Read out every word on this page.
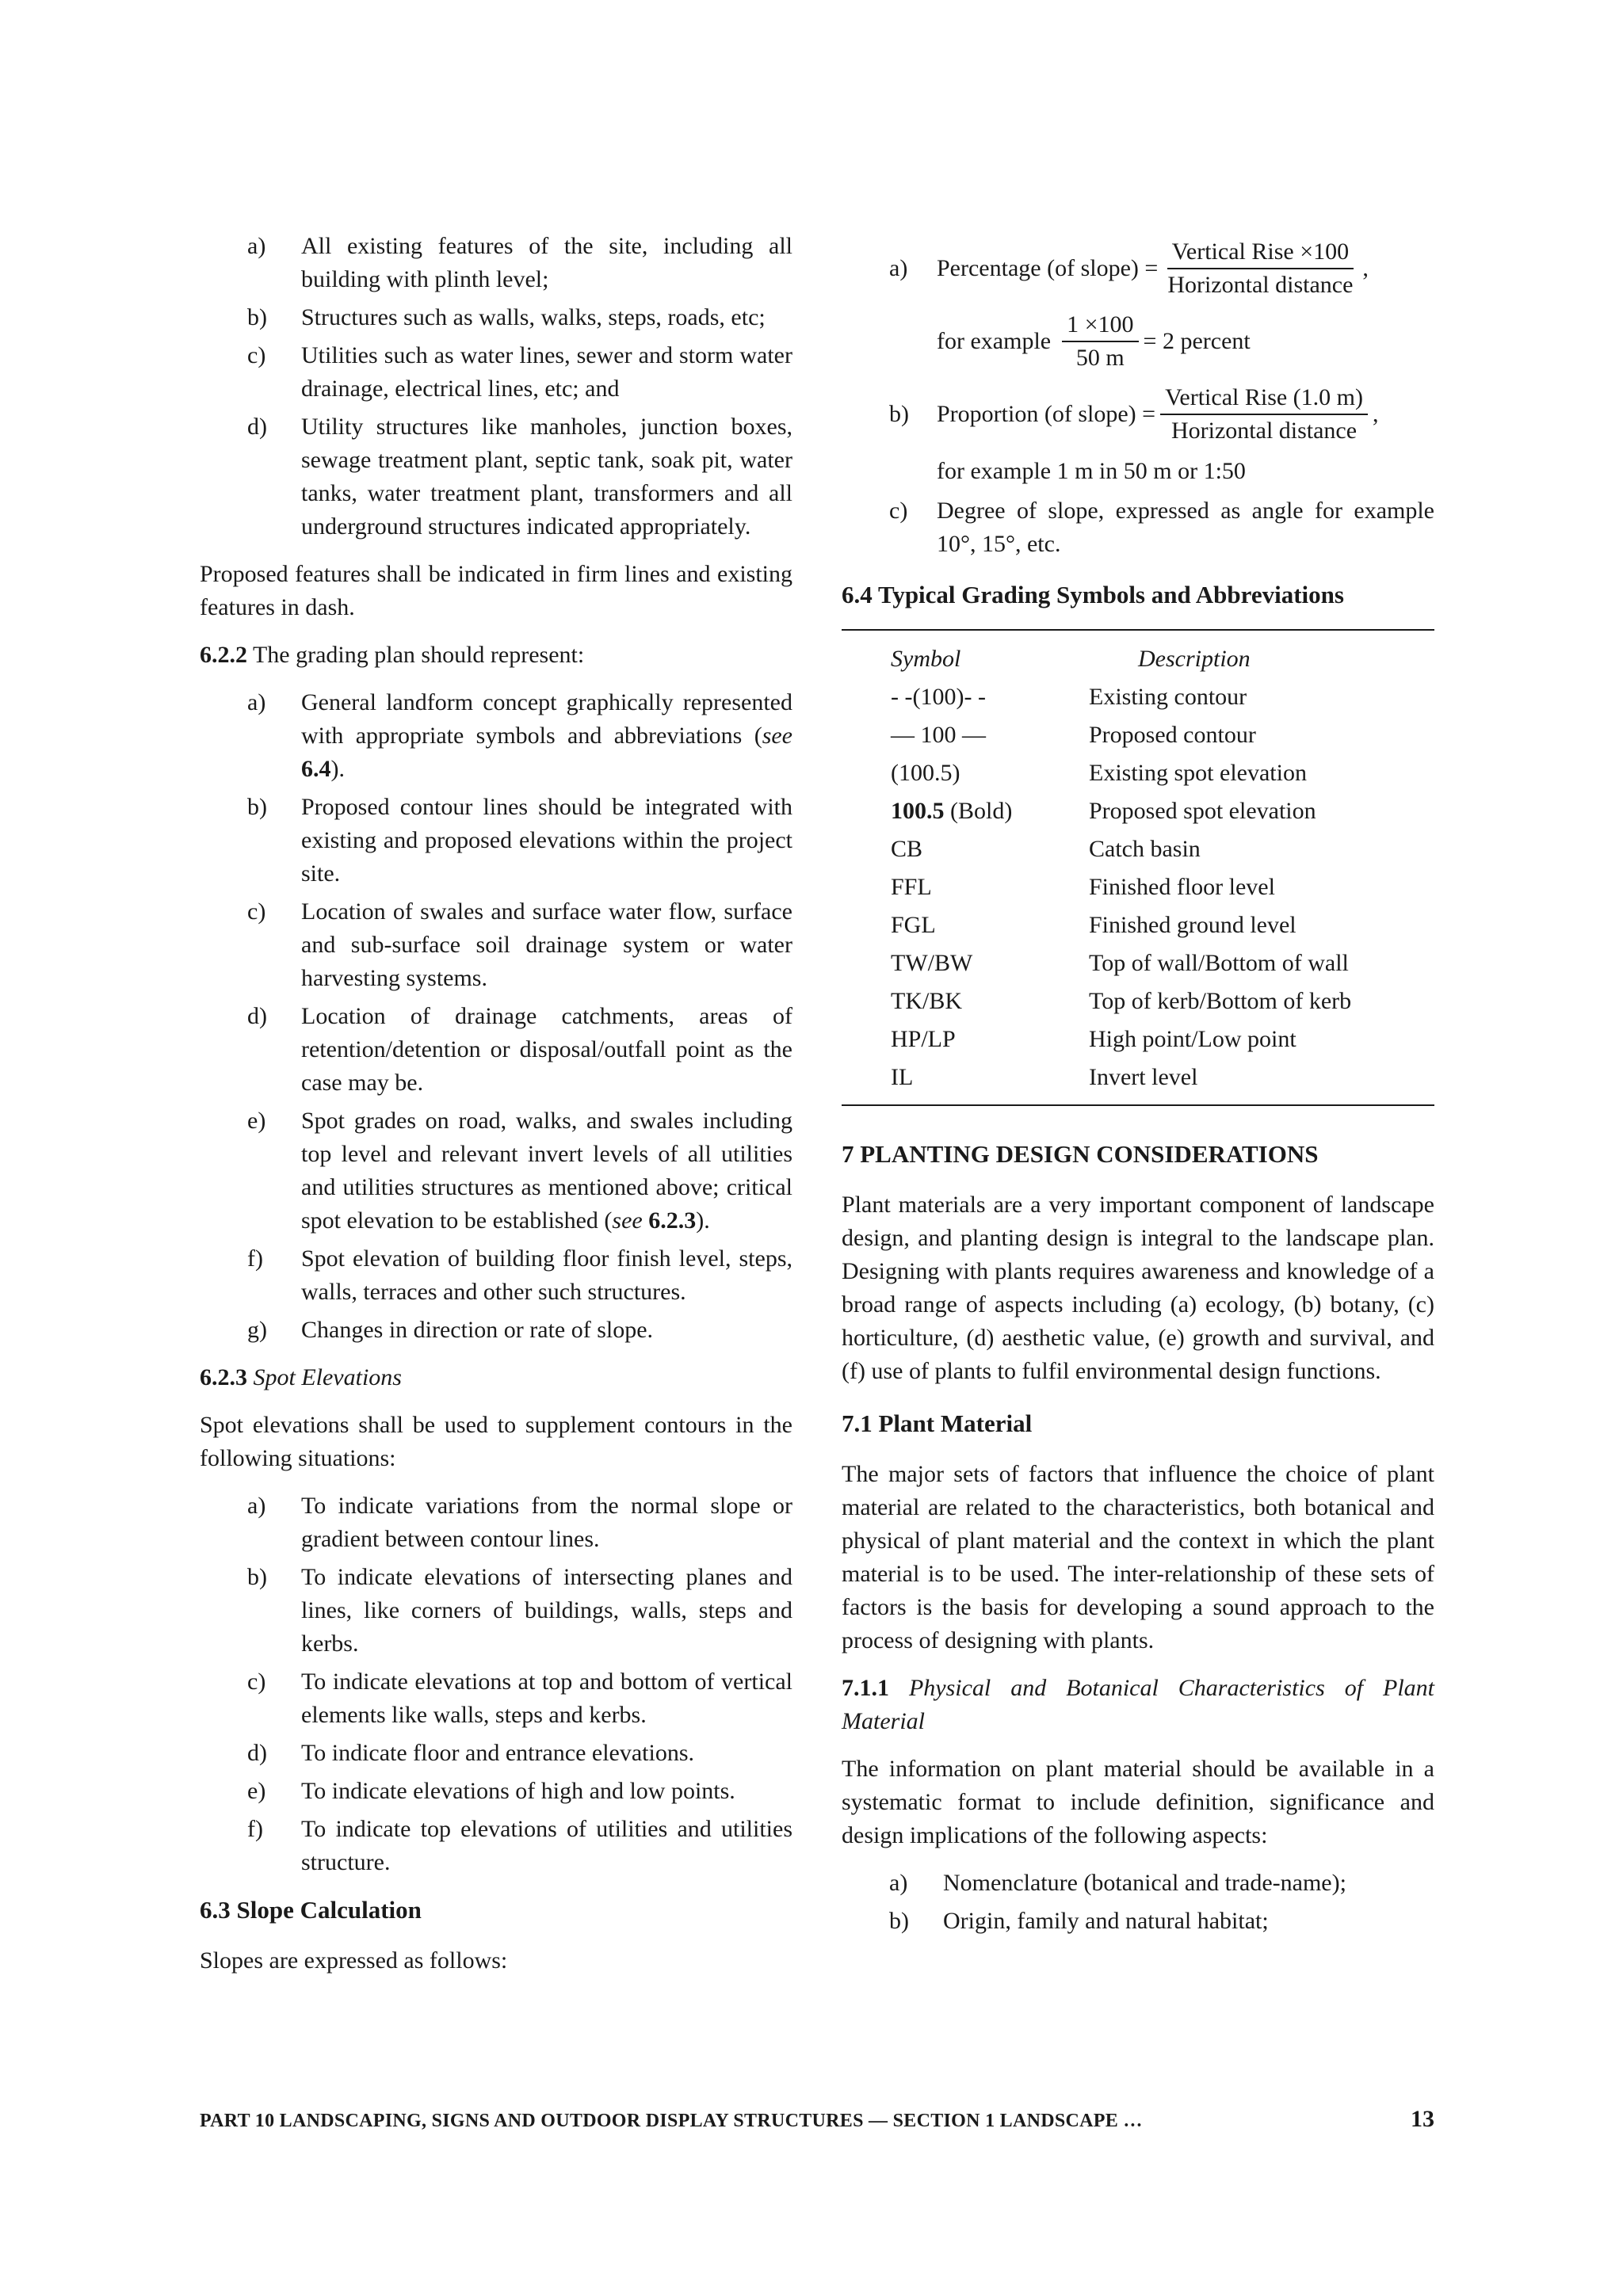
a)	All existing features of the site, including all building with plinth level;
b)	Structures such as walls, walks, steps, roads, etc;
c)	Utilities such as water lines, sewer and storm water drainage, electrical lines, etc; and
d)	Utility structures like manholes, junction boxes, sewage treatment plant, septic tank, soak pit, water tanks, water treatment plant, transformers and all underground structures indicated appropriately.

Proposed features shall be indicated in firm lines and existing features in dash.

6.2.2 The grading plan should represent:

a)	General landform concept graphically represented with appropriate symbols and abbreviations (see 6.4).
b)	Proposed contour lines should be integrated with existing and proposed elevations within the project site.
c)	Location of swales and surface water flow, surface and sub-surface soil drainage system or water harvesting systems.
d)	Location of drainage catchments, areas of retention/detention or disposal/outfall point as the case may be.
e)	Spot grades on road, walks, and swales including top level and relevant invert levels of all utilities and utilities structures as mentioned above; critical spot elevation to be established (see 6.2.3).
f)	Spot elevation of building floor finish level, steps, walls, terraces and other such structures.
g)	Changes in direction or rate of slope.

6.2.3 Spot Elevations

Spot elevations shall be used to supplement contours in the following situations:

a)	To indicate variations from the normal slope or gradient between contour lines.
b)	To indicate elevations of intersecting planes and lines, like corners of buildings, walls, steps and kerbs.
c)	To indicate elevations at top and bottom of vertical elements like walls, steps and kerbs.
d)	To indicate floor and entrance elevations.
e)	To indicate elevations of high and low points.
f)	To indicate top elevations of utilities and utilities structure.
6.3 Slope Calculation

Slopes are expressed as follows:

a)	Percentage (of slope) = $\frac{\text{Vertical Rise ×100}}{\text{Horizontal distance}}$ ,
for example $\frac{1 \times 100}{50 m} = 2$ percent
b)	Proportion (of slope) = $\frac{\text{Vertical Rise (1.0 m)}}{\text{Horizontal distance}}$ ,

for example 1 m in 50 m or 1:50

c)	Degree of slope, expressed as angle for example 10°, 15°, etc.
6.4 Typical Grading Symbols and Abbreviations
Symbol	Description
- -(100)- -	Existing contour
— 100 —	Proposed contour
(100.5)	Existing spot elevation
100.5 (Bold)	Proposed spot elevation
CB	Catch basin
FFL	Finished floor level
FGL	Finished ground level
TW/BW	Top of wall/Bottom of wall
TK/BK	Top of kerb/Bottom of kerb
HP/LP	High point/Low point
IL	Invert level
7 PLANTING DESIGN CONSIDERATIONS

Plant materials are a very important component of landscape design, and planting design is integral to the landscape plan. Designing with plants requires awareness and knowledge of a broad range of aspects including (a) ecology, (b) botany, (c) horticulture, (d) aesthetic value, (e) growth and survival, and (f) use of plants to fulfil environmental design functions.

7.1 Plant Material

The major sets of factors that influence the choice of plant material are related to the characteristics, both botanical and physical of plant material and the context in which the plant material is to be used. The inter-relationship of these sets of factors is the basis for developing a sound approach to the process of designing with plants.

7.1.1 Physical and Botanical Characteristics of Plant Material

The information on plant material should be available in a systematic format to include definition, significance and design implications of the following aspects:

a)	Nomenclature (botanical and trade-name);
b)	Origin, family and natural habitat;
PART 10 LANDSCAPING, SIGNS AND OUTDOOR DISPLAY STRUCTURES — SECTION 1 LANDSCAPE …	13
